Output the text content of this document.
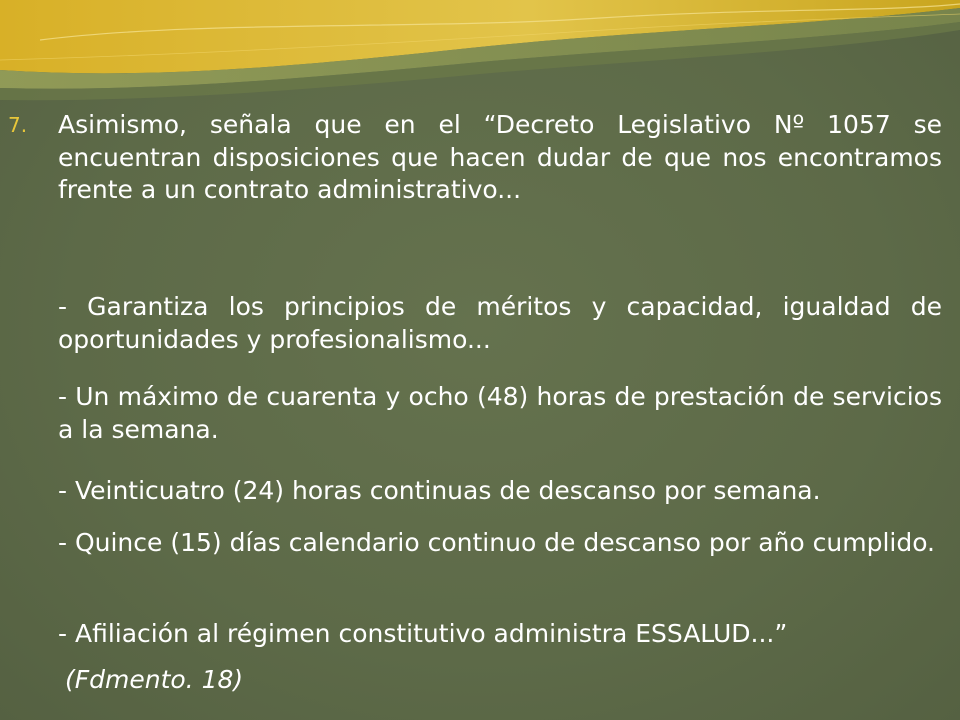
7. Asimismo, señala que en el “Decreto Legislativo Nº 1057 se encuentran disposiciones que hacen dudar de que nos encontramos frente a un contrato administrativo...

- Garantiza los principios de méritos y capacidad, igualdad de oportunidades y profesionalismo...

- Un máximo de cuarenta y ocho (48) horas de prestación de servicios a la semana.

- Veinticuatro (24) horas continuas de descanso por semana.

- Quince (15) días calendario continuo de descanso por año cumplido.

- Afiliación al régimen constitutivo administra ESSALUD...”

(Fdmento. 18)
